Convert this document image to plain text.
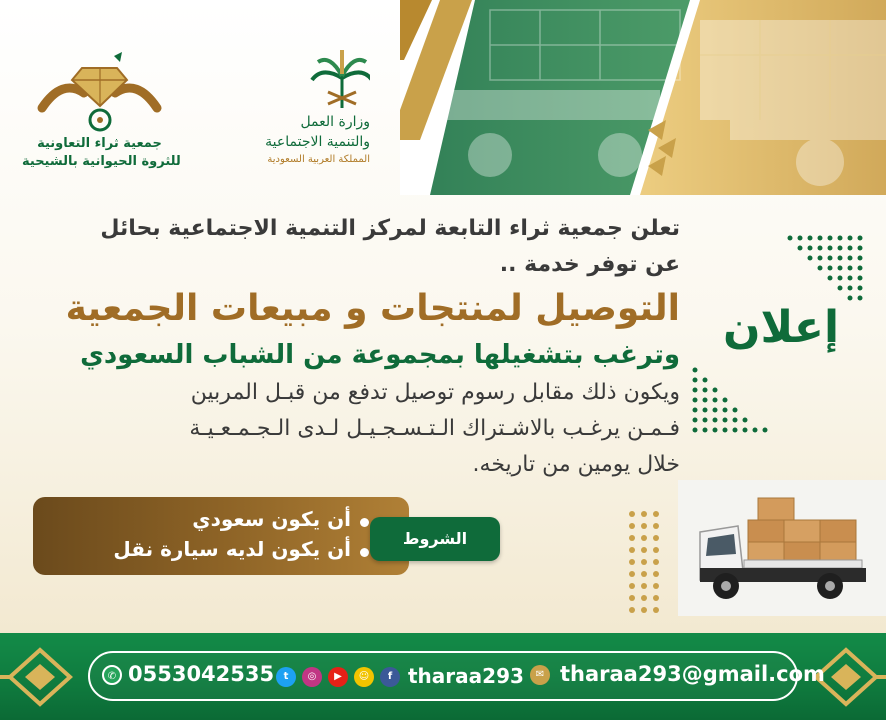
جمعية ثراء التعاونية
للثروة الحيوانية بالشيحية
وزارة العمل
والتنمية الاجتماعية
المملكة العربية السعودية
تعلن جمعية ثراء التابعة لمركز التنمية الاجتماعية بحائل
عن توفر خدمة ..
التوصيل لمنتجات و مبيعات الجمعية
وترغب بتشغيلها بمجموعة من الشباب السعودي
ويكون ذلك مقابل رسوم توصيل تدفع من قبـل المربين
فـمـن يرغـب بالاشـتراك الـتـسـجـيـل لـدى الـجـمـعـيـة
خلال يومين من تاريخه.
إعلان
أن يكون سعودي
أن يكون لديه سيارة نقل	الشروط
✆ 0553042535 t	◎	▶	☺	f tharaa293	✉ tharaa293@gmail.com
